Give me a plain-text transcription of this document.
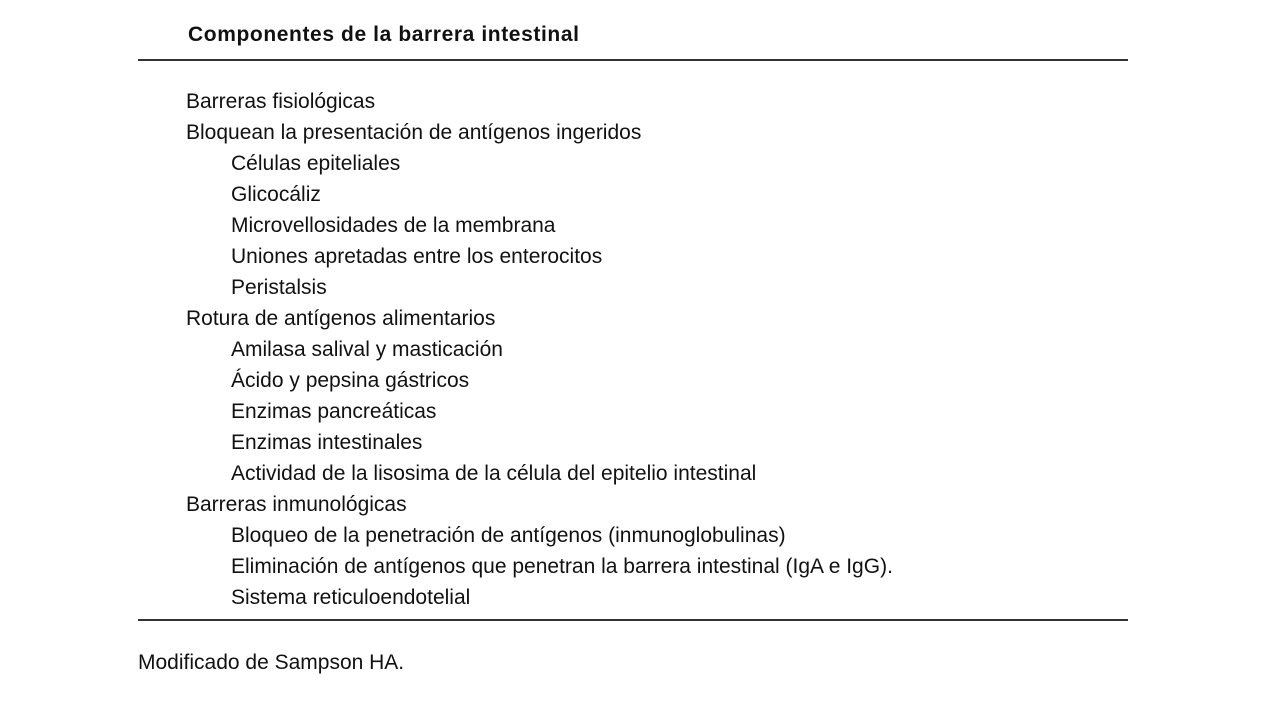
Componentes de la barrera intestinal
Barreras fisiológicas
Bloquean la presentación de antígenos ingeridos
Células epiteliales
Glicocáliz
Microvellosidades de la membrana
Uniones apretadas entre los enterocitos
Peristalsis
Rotura de antígenos alimentarios
Amilasa salival y masticación
Ácido y pepsina gástricos
Enzimas pancreáticas
Enzimas intestinales
Actividad de la lisosima de la célula del epitelio intestinal
Barreras inmunológicas
Bloqueo de la penetración de antígenos (inmunoglobulinas)
Eliminación de antígenos que penetran la barrera intestinal (IgA e IgG).
Sistema reticuloendotelial
Modificado de Sampson HA.
